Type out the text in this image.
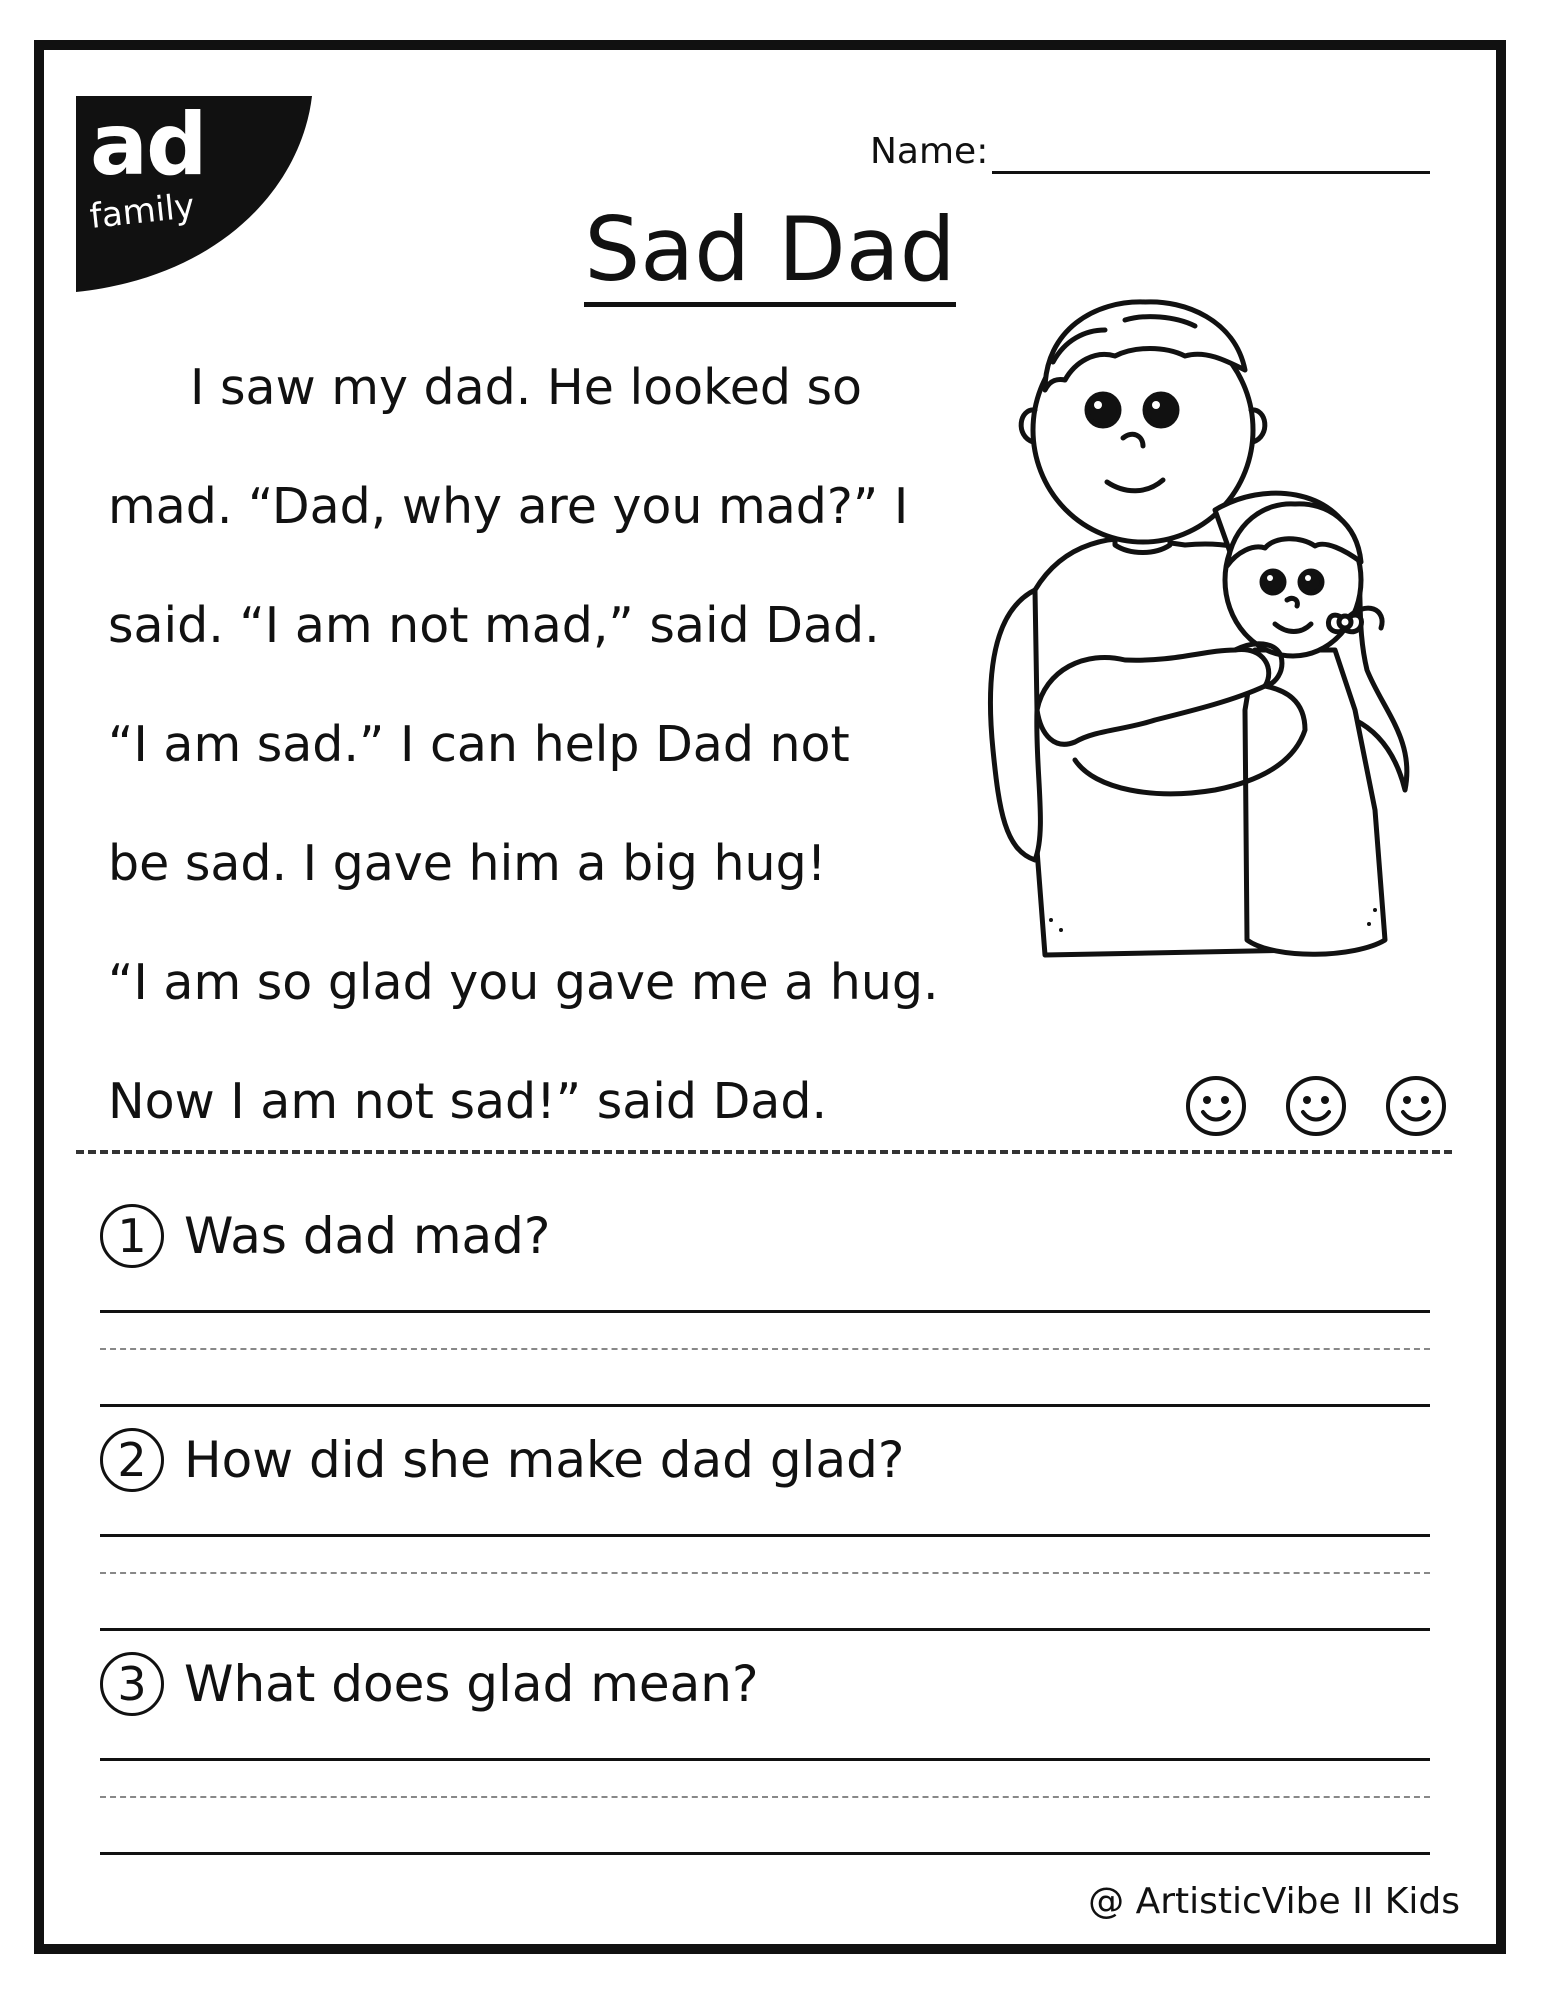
ad
family
Name:
Sad Dad
I saw my dad. He looked so
mad. “Dad, why are you mad?” I
said. “I am not mad,” said Dad.
“I am sad.” I can help Dad not
be sad. I gave him a big hug!
“I am so glad you gave me a hug.
Now I am not sad!” said Dad.
1 Was dad mad?
2 How did she make dad glad?
3 What does glad mean?
@ ArtisticVibe II Kids
